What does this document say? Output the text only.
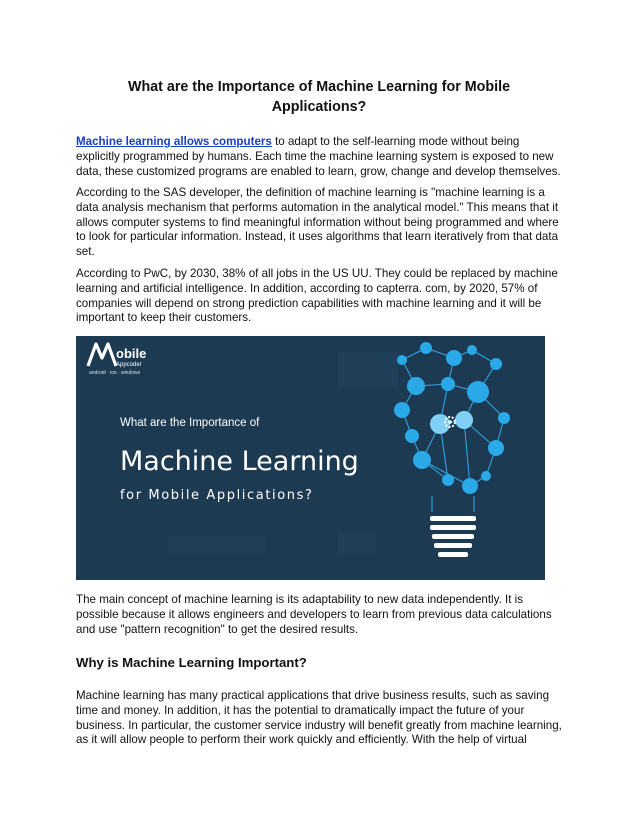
What are the Importance of Machine Learning for Mobile
Applications?

Machine learning allows computers to adapt to the self-learning mode without being explicitly programmed by humans. Each time the machine learning system is exposed to new data, these customized programs are enabled to learn, grow, change and develop themselves.

According to the SAS developer, the definition of machine learning is "machine learning is a data analysis mechanism that performs automation in the analytical model." This means that it allows computer systems to find meaningful information without being programmed and where to look for particular information. Instead, it uses algorithms that learn iteratively from that data set.

According to PwC, by 2030, 38% of all jobs in the US UU. They could be replaced by machine learning and artificial intelligence. In addition, according to capterra. com, by 2020, 57% of companies will depend on strong prediction capabilities with machine learning and it will be important to keep their customers.

obile
Appcoder
android · ios · windows
What are the Importance of
Machine Learning
for Mobile Applications?

The main concept of machine learning is its adaptability to new data independently. It is possible because it allows engineers and developers to learn from previous data calculations and use "pattern recognition" to get the desired results.

Why is Machine Learning Important?

Machine learning has many practical applications that drive business results, such as saving time and money. In addition, it has the potential to dramatically impact the future of your business. In particular, the customer service industry will benefit greatly from machine learning, as it will allow people to perform their work quickly and efficiently. With the help of virtual
